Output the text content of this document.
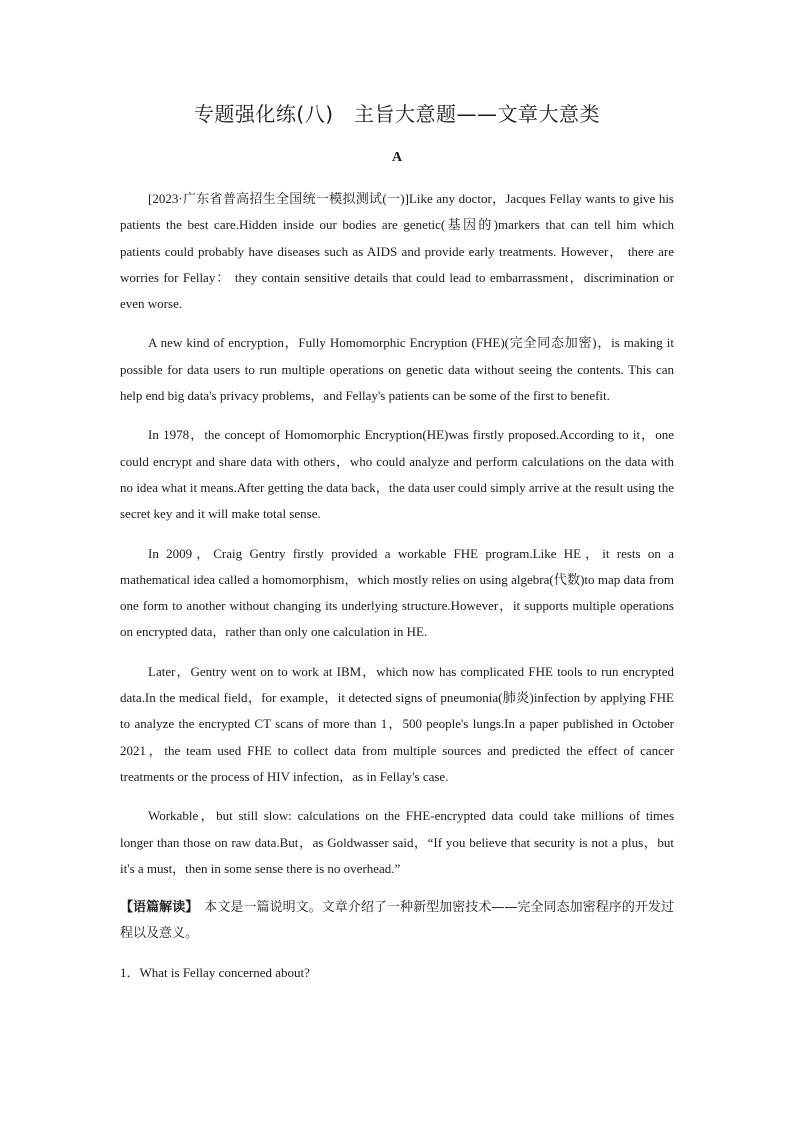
专题强化练(八)　主旨大意题——文章大意类
A

[2023·广东省普高招生全国统一模拟测试(一)]Like any doctor，Jacques Fellay wants to give his patients the best care.Hidden inside our bodies are genetic(基因的)markers that can tell him which patients could probably have diseases such as AIDS and provide early treatments. However， there are worries for Fellay： they contain sensitive details that could lead to embarrassment，discrimination or even worse.

A new kind of encryption，Fully Homomorphic Encryption (FHE)(完全同态加密)，is making it possible for data users to run multiple operations on genetic data without seeing the contents. This can help end big data's privacy problems，and Fellay's patients can be some of the first to benefit.

In 1978，the concept of Homomorphic Encryption(HE)was firstly proposed.According to it，one could encrypt and share data with others，who could analyze and perform calculations on the data with no idea what it means.After getting the data back，the data user could simply arrive at the result using the secret key and it will make total sense.

In 2009，Craig Gentry firstly provided a workable FHE program.Like HE，it rests on a mathematical idea called a homomorphism，which mostly relies on using algebra(代数)to map data from one form to another without changing its underlying structure.However，it supports multiple operations on encrypted data，rather than only one calculation in HE.

Later，Gentry went on to work at IBM，which now has complicated FHE tools to run encrypted data.In the medical field，for example，it detected signs of pneumonia(肺炎)infection by applying FHE to analyze the encrypted CT scans of more than 1，500 people's lungs.In a paper published in October 2021，the team used FHE to collect data from multiple sources and predicted the effect of cancer treatments or the process of HIV infection，as in Fellay's case.

Workable，but still slow: calculations on the FHE-encrypted data could take millions of times longer than those on raw data.But，as Goldwasser said，“If you believe that security is not a plus，but it's a must，then in some sense there is no overhead.”

【语篇解读】 本文是一篇说明文。文章介绍了一种新型加密技术——完全同态加密程序的开发过程以及意义。

1．What is Fellay concerned about?
